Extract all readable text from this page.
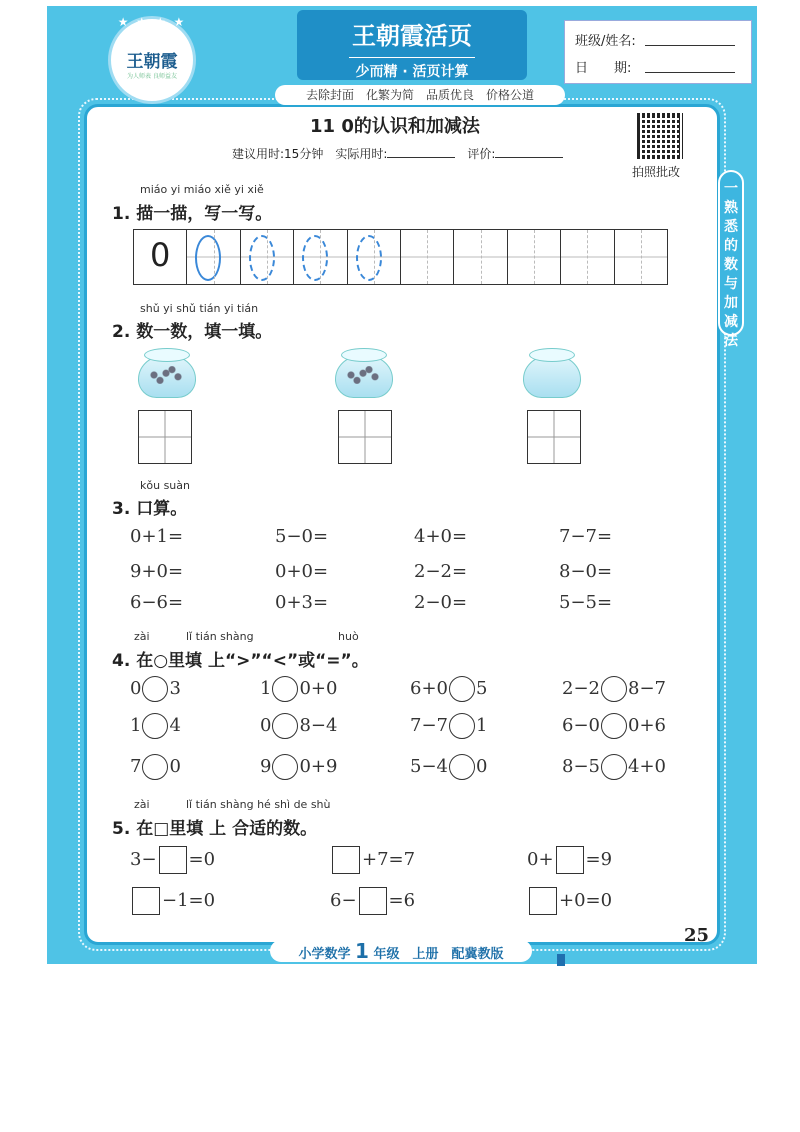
★ ★ ★ ★ ★
王朝霞
为人师表 良师益友
王朝霞活页
少而精 · 活页计算
去除封面　化繁为简　品质优良　价格公道
班级/姓名:
日　　期:
一
熟
悉
的
数
与
加
减
法
11 0的认识和加减法
建议用时:15分钟　实际用时:	　评价:
拍照批改
miáo yi miáo xiě yi xiě
1. 描一描，写一写。
0
shǔ yi shǔ tián yi tián
2. 数一数，填一填。
kǒu suàn
3. 口算。
0+1=	5−0=	4+0=	7−7=
9+0=	0+0=	2−2=	8−0=
6−6=	0+3=	2−0=	5−5=
zài	lǐ tián shàng	huò
4. 在○里填 上“>”“<”或“=”。
0 3	1 0+0	6+0 5	2−2 8−7
1 4	0 8−4	7−7 1	6−0 0+6
7 0	9 0+9	5−4 0	8−5 4+0
zài	lǐ tián shàng hé shì de shù
5. 在□里填 上 合适的数。
3− =0	+7=7	0+ =9
−1=0	6− =6	+0=0
小学数学 1 年级　上册　配冀教版
25
